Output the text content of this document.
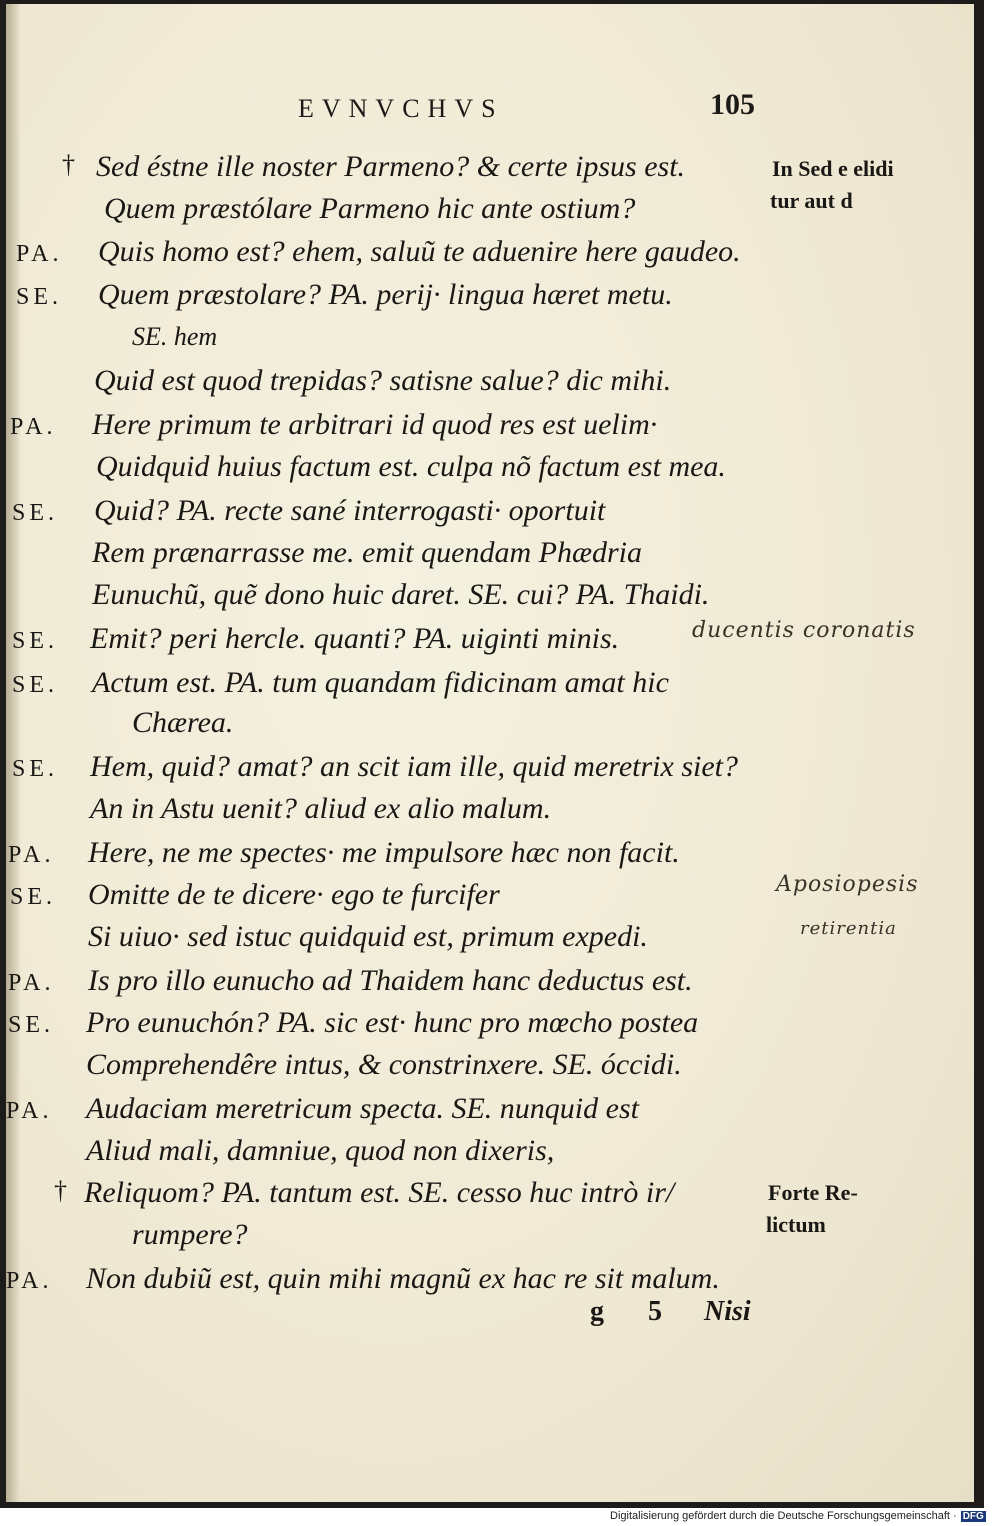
EVNVCHVS	105
† Sed éstne ille noster Parmeno? & certe ipsus est.
Quem præstólare Parmeno hic ante ostium?
PA. Quis homo est? ehem, saluũ te aduenire here gaudeo.
SE. Quem præstolare? PA. perij· lingua hæret metu.
SE. hem
Quid est quod trepidas? satisne salue? dic mihi.
PA. Here primum te arbitrari id quod res est uelim·
Quidquid huius factum est. culpa nõ factum est mea.
SE. Quid? PA. recte sané interrogasti· oportuit
Rem prænarrasse me. emit quendam Phædria
Eunuchũ, quẽ dono huic daret. SE. cui? PA. Thaidi.
SE. Emit? peri hercle. quanti? PA. uiginti minis.
SE. Actum est. PA. tum quandam fidicinam amat hic
Chærea.
SE. Hem, quid? amat? an scit iam ille, quid meretrix siet?
An in Astu uenit? aliud ex alio malum.
PA. Here, ne me spectes· me impulsore hæc non facit.
SE. Omitte de te dicere· ego te furcifer
Si uiuo· sed istuc quidquid est, primum expedi.
PA. Is pro illo eunucho ad Thaidem hanc deductus est.
SE. Pro eunuchón? PA. sic est· hunc pro mœcho postea
Comprehendêre intus, & constrinxere. SE. óccidi.
PA. Audaciam meretricum specta. SE. nunquid est
Aliud mali, damniue, quod non dixeris,
† Reliquom? PA. tantum est. SE. cesso huc intrò ir/
rumpere?
PA. Non dubiũ est, quin mihi magnũ ex hac re sit malum.
In Sed e elidi
tur aut d
Forte Re-
lictum
ducentis coronatis
Aposiopesis
retirentia
g 5 Nisi
Digitalisierung gefördert durch die Deutsche Forschungsgemeinschaft · DFG
